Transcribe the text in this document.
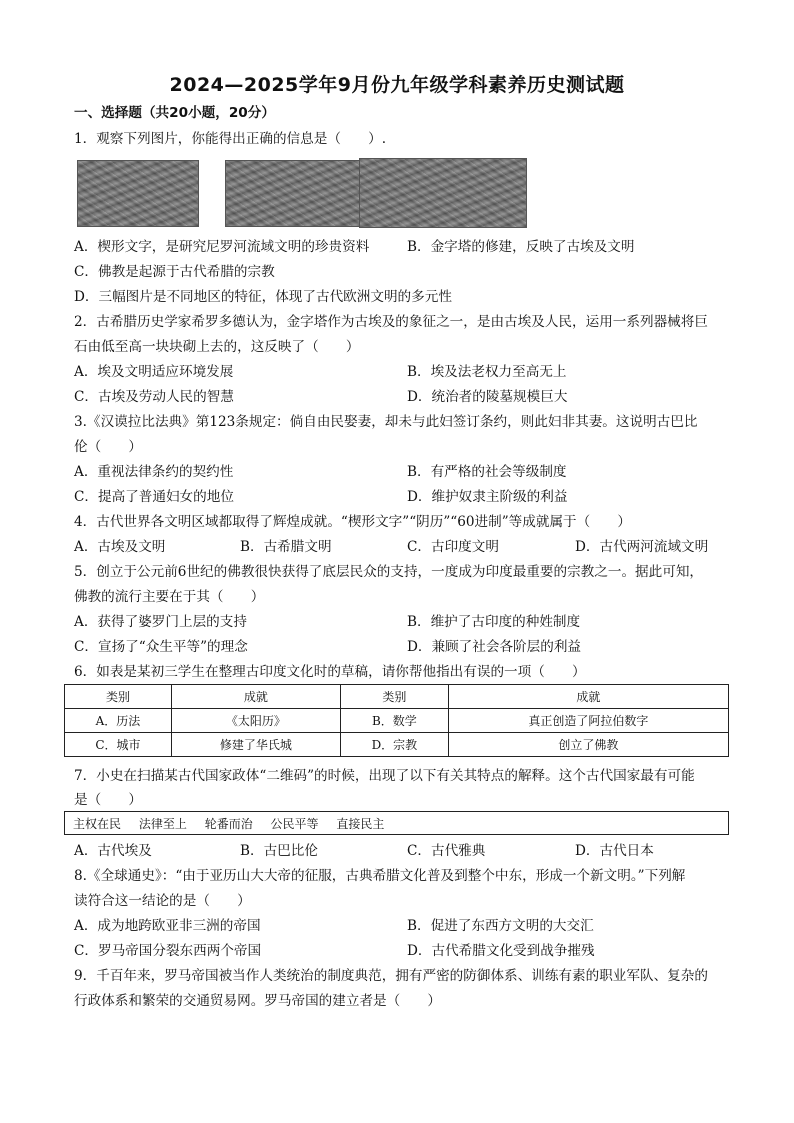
2024—2025学年9月份九年级学科素养历史测试题
一、选择题（共20小题，20分）
1．观察下列图片，你能得出正确的信息是（　　）.
A．楔形文字，是研究尼罗河流域文明的珍贵资料	B．金字塔的修建，反映了古埃及文明
C．佛教是起源于古代希腊的宗教
D．三幅图片是不同地区的特征，体现了古代欧洲文明的多元性
2．古希腊历史学家希罗多德认为，金字塔作为古埃及的象征之一，是由古埃及人民，运用一系列器械将巨
石由低至高一块块砌上去的，这反映了（　　）
A．埃及文明适应环境发展	B．埃及法老权力至高无上
C．古埃及劳动人民的智慧	D．统治者的陵墓规模巨大
3.《汉谟拉比法典》第123条规定：倘自由民娶妻，却未与此妇签订条约，则此妇非其妻。这说明古巴比
伦（　　）
A．重视法律条约的契约性	B．有严格的社会等级制度
C．提高了普通妇女的地位	D．维护奴隶主阶级的利益
4．古代世界各文明区域都取得了辉煌成就。“楔形文字”“阴历”“60进制”等成就属于（　　）
A．古埃及文明	B．古希腊文明	C．古印度文明	D．古代两河流域文明
5．创立于公元前6世纪的佛教很快获得了底层民众的支持，一度成为印度最重要的宗教之一。据此可知，
佛教的流行主要在于其（　　）
A．获得了婆罗门上层的支持	B．维护了古印度的种姓制度
C．宣扬了“众生平等”的理念	D．兼顾了社会各阶层的利益
6．如表是某初三学生在整理古印度文化时的草稿，请你帮他指出有误的一项（　　）
类别	成就	类别	成就
A．历法	《太阳历》	B．数学	真正创造了阿拉伯数字
C．城市	修建了华氏城	D．宗教	创立了佛教
7．小史在扫描某古代国家政体“二维码”的时候，出现了以下有关其特点的解释。这个古代国家最有可能
是（　　）
主权在民 法律至上 轮番而治 公民平等 直接民主
A．古代埃及	B．古巴比伦	C．古代雅典	D．古代日本
8.《全球通史》：“由于亚历山大大帝的征服，古典希腊文化普及到整个中东，形成一个新文明。”下列解
读符合这一结论的是（　　）
A．成为地跨欧亚非三洲的帝国	B．促进了东西方文明的大交汇
C．罗马帝国分裂东西两个帝国	D．古代希腊文化受到战争摧残
9．千百年来，罗马帝国被当作人类统治的制度典范，拥有严密的防御体系、训练有素的职业军队、复杂的
行政体系和繁荣的交通贸易网。罗马帝国的建立者是（　　）
